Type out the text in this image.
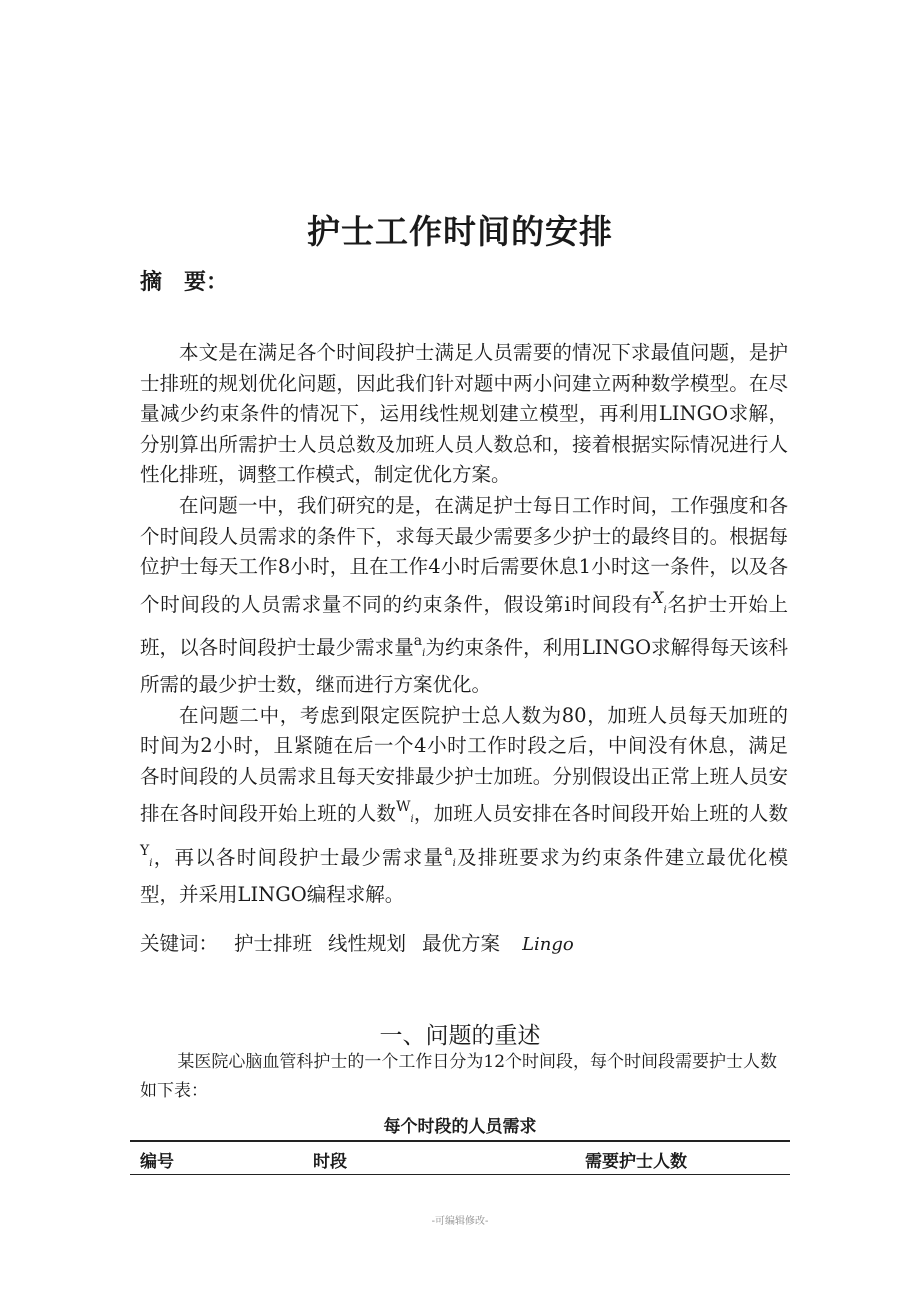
护士工作时间的安排
摘 要：

本文是在满足各个时间段护士满足人员需要的情况下求最值问题，是护士排班的规划优化问题，因此我们针对题中两小问建立两种数学模型。在尽量减少约束条件的情况下，运用线性规划建立模型，再利用LINGO求解，分别算出所需护士人员总数及加班人员人数总和，接着根据实际情况进行人性化排班，调整工作模式，制定优化方案。

在问题一中，我们研究的是，在满足护士每日工作时间，工作强度和各个时间段人员需求的条件下，求每天最少需要多少护士的最终目的。根据每位护士每天工作8小时，且在工作4小时后需要休息1小时这一条件，以及各个时间段的人员需求量不同的约束条件，假设第i时间段有$^X_i$名护士开始上班，以各时间段护士最少需求量$^a_i$为约束条件，利用LINGO求解得每天该科所需的最少护士数，继而进行方案优化。

在问题二中，考虑到限定医院护士总人数为80，加班人员每天加班的时间为2小时，且紧随在后一个4小时工作时段之后，中间没有休息，满足各时间段的人员需求且每天安排最少护士加班。分别假设出正常上班人员安排在各时间段开始上班的人数$^W_i$，加班人员安排在各时间段开始上班的人数$^Y_i$，再以各时间段护士最少需求量$^a_i$及排班要求为约束条件建立最优化模型，并采用LINGO编程求解。

关键词： 护士排班 线性规划 最优方案 Lingo
一、问题的重述
某医院心脑血管科护士的一个工作日分为12个时间段，每个时间段需要护士人数如下表：
每个时段的人员需求
编号	时段	需要护士人数
-可编辑修改-
